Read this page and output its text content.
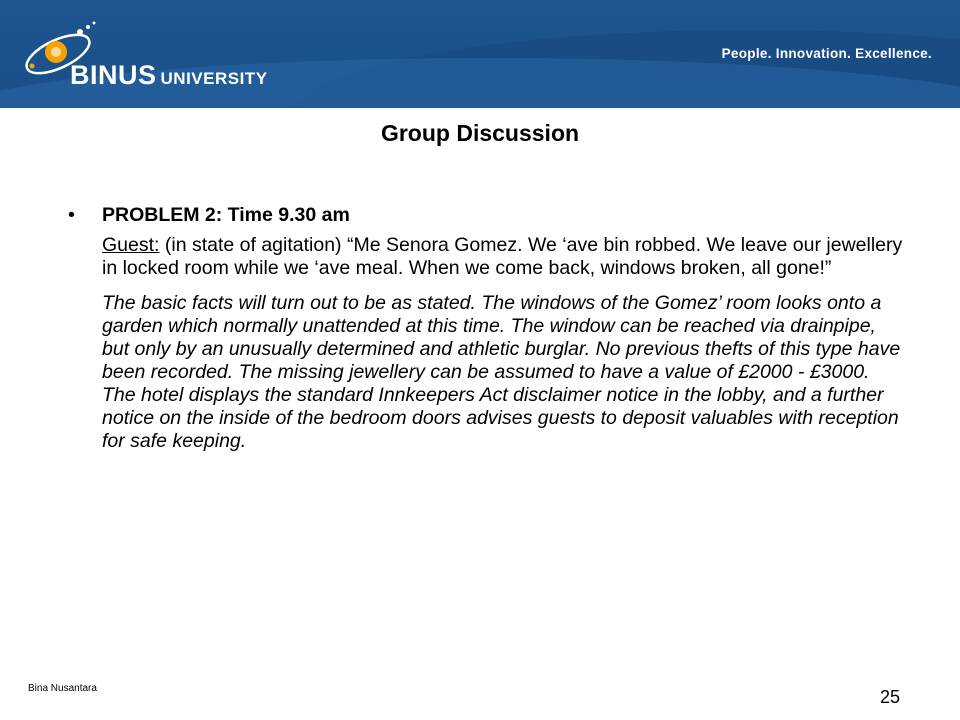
BINUS UNIVERSITY
People. Innovation. Excellence.
Group Discussion
• PROBLEM 2: Time 9.30 am
Guest: (in state of agitation) “Me Senora Gomez. We ‘ave bin robbed. We leave our jewellery in locked room while we ‘ave meal. When we come back, windows broken, all gone!”
The basic facts will turn out to be as stated. The windows of the Gomez’ room looks onto a garden which normally unattended at this time. The window can be reached via drainpipe, but only by an unusually determined and athletic burglar. No previous thefts of this type have been recorded. The missing jewellery can be assumed to have a value of £2000 - £3000. The hotel displays the standard Innkeepers Act disclaimer notice in the lobby, and a further notice on the inside of the bedroom doors advises guests to deposit valuables with reception for safe keeping.
Bina Nusantara	25
